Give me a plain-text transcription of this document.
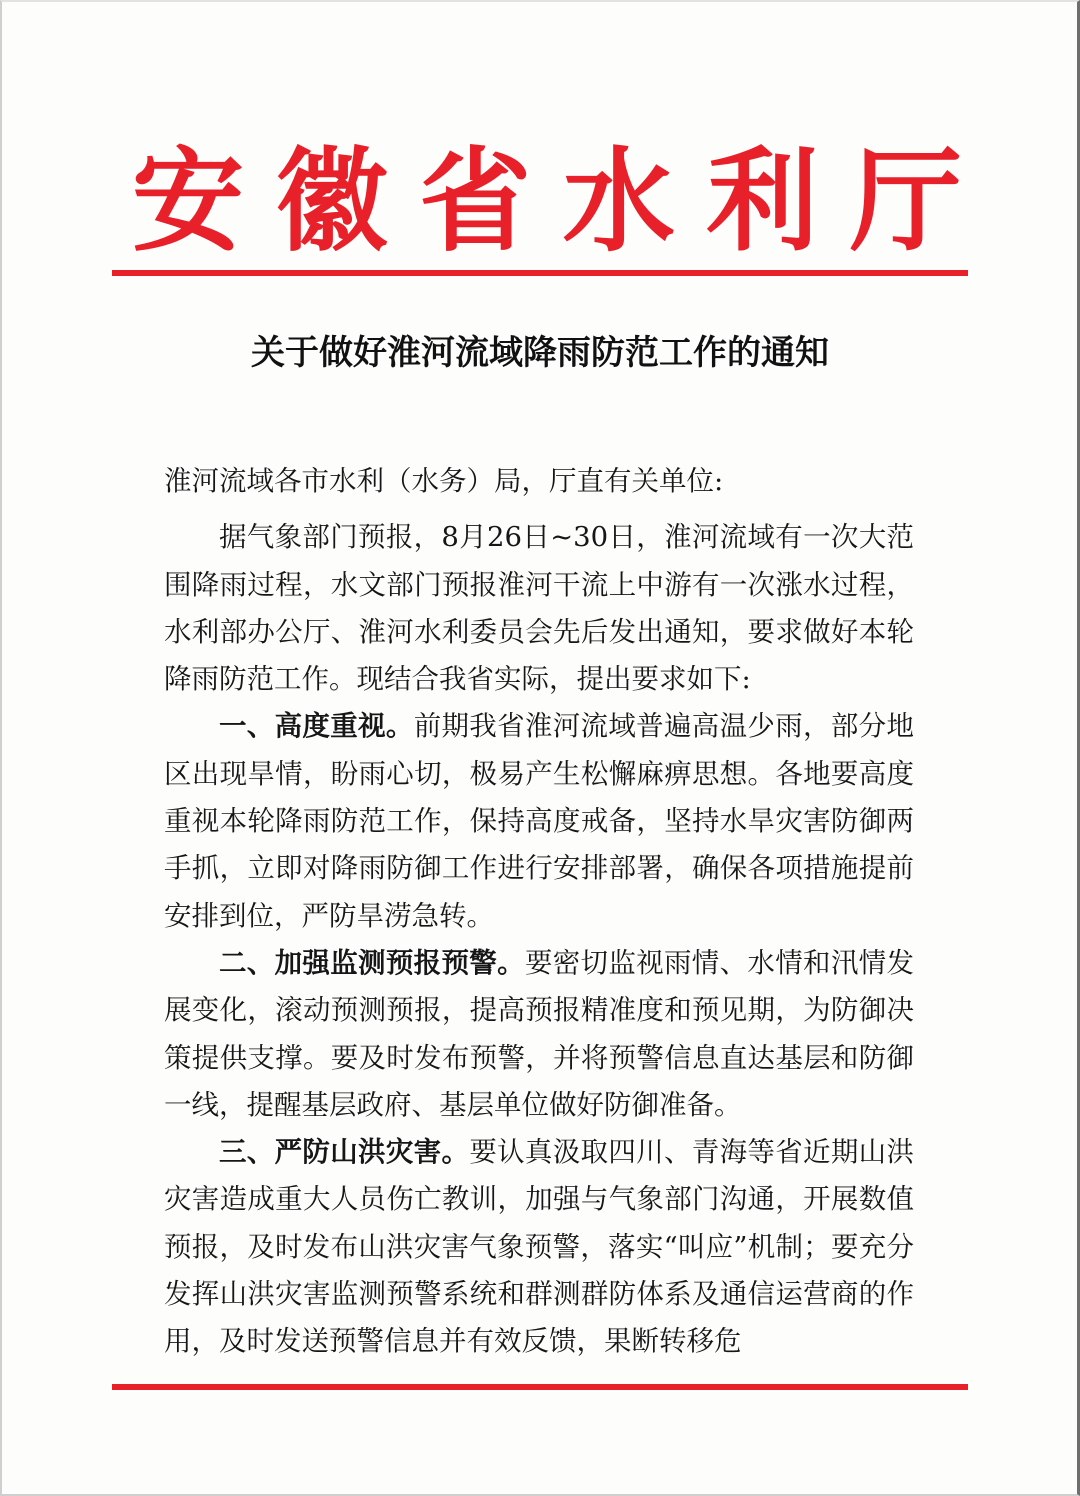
安 徽 省 水 利 厅
关于做好淮河流域降雨防范工作的通知

淮河流域各市水利（水务）局，厅直有关单位:

据气象部门预报，8月26日~30日，淮河流域有一次大范围降雨过程，水文部门预报淮河干流上中游有一次涨水过程，水利部办公厅、淮河水利委员会先后发出通知，要求做好本轮降雨防范工作。现结合我省实际，提出要求如下:

一、高度重视。前期我省淮河流域普遍高温少雨，部分地区出现旱情，盼雨心切，极易产生松懈麻痹思想。各地要高度重视本轮降雨防范工作，保持高度戒备，坚持水旱灾害防御两手抓，立即对降雨防御工作进行安排部署，确保各项措施提前安排到位，严防旱涝急转。

二、加强监测预报预警。要密切监视雨情、水情和汛情发展变化，滚动预测预报，提高预报精准度和预见期，为防御决策提供支撑。要及时发布预警，并将预警信息直达基层和防御一线，提醒基层政府、基层单位做好防御准备。

三、严防山洪灾害。要认真汲取四川、青海等省近期山洪灾害造成重大人员伤亡教训，加强与气象部门沟通，开展数值预报，及时发布山洪灾害气象预警，落实“叫应”机制；要充分发挥山洪灾害监测预警系统和群测群防体系及通信运营商的作用，及时发送预警信息并有效反馈，果断转移危
